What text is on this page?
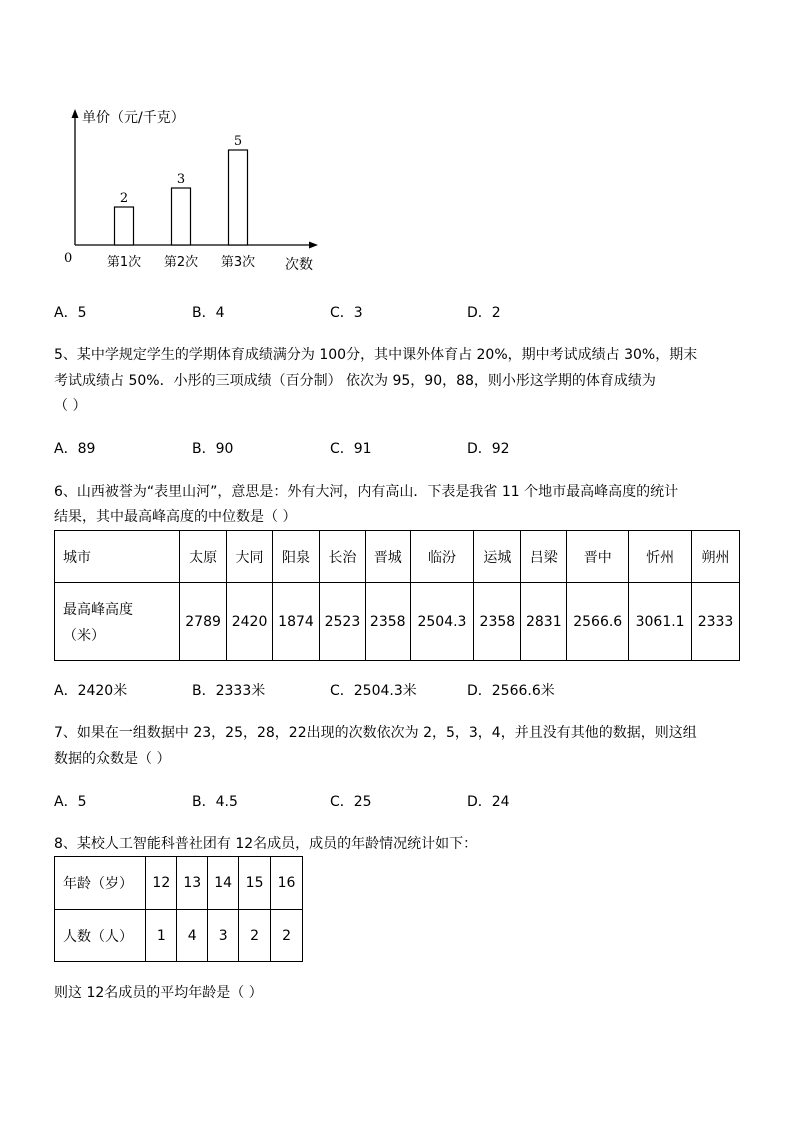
单价（元/千克）
次数
0
2
第1次
3
第2次
5
第3次
A．5	B．4	C．3	D．2
5、某中学规定学生的学期体育成绩满分为 100分，其中课外体育占 20%，期中考试成绩占 30%，期末
考试成绩占 50%．小彤的三项成绩（百分制） 依次为 95，90，88，则小彤这学期的体育成绩为
（ ）
A．89	B．90	C．91	D．92
6、山西被誉为“表里山河”，意思是：外有大河，内有高山．下表是我省 11 个地市最高峰高度的统计
结果，其中最高峰高度的中位数是（ ）
城市	太原	大同	阳泉	长治	晋城	临汾	运城	吕梁	晋中	忻州	朔州

最高峰高度
（米）	2789	2420	1874	2523	2358	2504.3	2358	2831	2566.6	3061.1	2333
A．2420米	B．2333米	C．2504.3米	D．2566.6米
7、如果在一组数据中 23，25，28，22出现的次数依次为 2，5，3，4，并且没有其他的数据，则这组
数据的众数是（ ）
A．5	B．4.5	C．25	D．24
8、某校人工智能科普社团有 12名成员，成员的年龄情况统计如下：
年龄（岁）	12	13	14	15	16
人数（人）	1	4	3	2	2
则这 12名成员的平均年龄是（ ）
